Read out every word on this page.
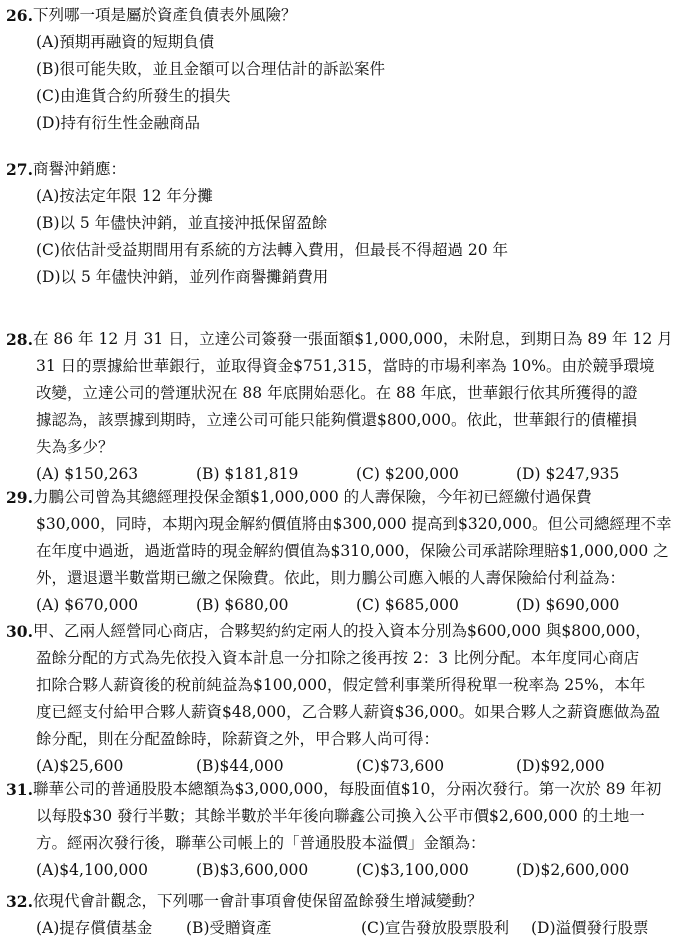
26. 下列哪一項是屬於資產負債表外風險？
(A)預期再融資的短期負債
(B)很可能失敗，並且金額可以合理估計的訴訟案件
(C)由進貨合約所發生的損失
(D)持有衍生性金融商品
27. 商譽沖銷應：
(A)按法定年限 12 年分攤
(B)以 5 年儘快沖銷，並直接沖抵保留盈餘
(C)依估計受益期間用有系統的方法轉入費用，但最長不得超過 20 年
(D)以 5 年儘快沖銷，並列作商譽攤銷費用
28. 在 86 年 12 月 31 日，立達公司簽發一張面額$1,000,000，未附息，到期日為 89 年 12 月
31 日的票據給世華銀行，並取得資金$751,315，當時的市場利率為 10%。由於競爭環境
改變，立達公司的營運狀況在 88 年底開始惡化。在 88 年底，世華銀行依其所獲得的證
據認為，該票據到期時，立達公司可能只能夠償還$800,000。依此，世華銀行的債權損
失為多少？
(A) $150,263	(B) $181,819	(C) $200,000	(D) $247,935
29. 力鵬公司曾為其總經理投保金額$1,000,000 的人壽保險，今年初已經繳付過保費
$30,000，同時，本期內現金解約價值將由$300,000 提高到$320,000。但公司總經理不幸
在年度中過逝，過逝當時的現金解約價值為$310,000，保險公司承諾除理賠$1,000,000 之
外，還退還半數當期已繳之保險費。依此，則力鵬公司應入帳的人壽保險給付利益為：
(A) $670,000	(B) $680,00	(C) $685,000	(D) $690,000
30. 甲、乙兩人經營同心商店，合夥契約約定兩人的投入資本分別為$600,000 與$800,000，
盈餘分配的方式為先依投入資本計息一分扣除之後再按 2：3 比例分配。本年度同心商店
扣除合夥人薪資後的稅前純益為$100,000，假定營利事業所得稅單一稅率為 25%，本年
度已經支付給甲合夥人薪資$48,000，乙合夥人薪資$36,000。如果合夥人之薪資應做為盈
餘分配，則在分配盈餘時，除薪資之外，甲合夥人尚可得：
(A)$25,600	(B)$44,000	(C)$73,600	(D)$92,000
31. 聯華公司的普通股股本總額為$3,000,000，每股面值$10，分兩次發行。第一次於 89 年初
以每股$30 發行半數；其餘半數於半年後向聯鑫公司換入公平市價$2,600,000 的土地一
方。經兩次發行後，聯華公司帳上的「普通股股本溢價」金額為：
(A)$4,100,000	(B)$3,600,000	(C)$3,100,000	(D)$2,600,000
32. 依現代會計觀念，下列哪一會計事項會使保留盈餘發生增減變動？
(A)提存償債基金	(B)受贈資產	(C)宣告發放股票股利	(D)溢價發行股票
